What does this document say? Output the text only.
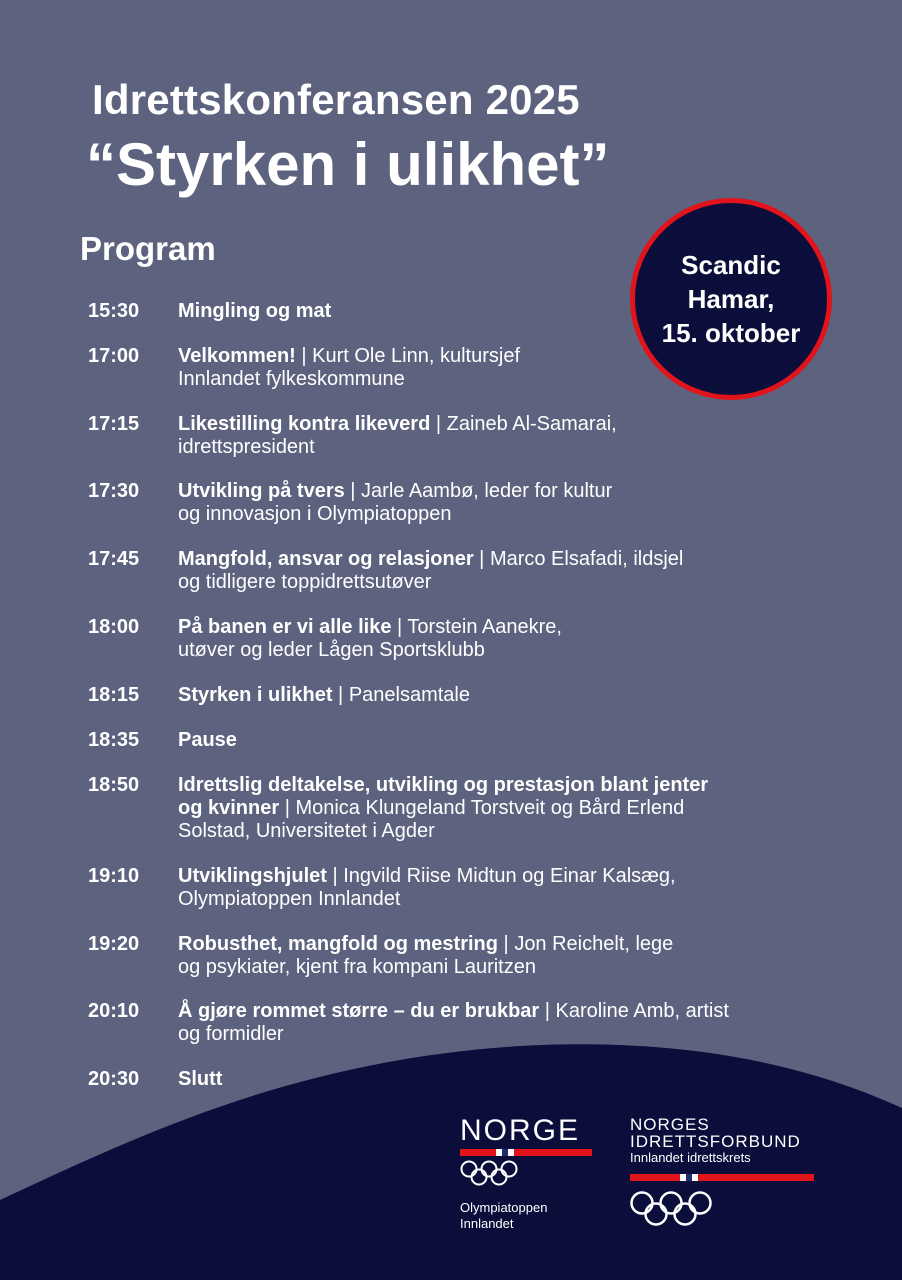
Idrettskonferansen 2025
“Styrken i ulikhet”
Program	Scandic
Hamar,
15. oktober
15:30 Mingling og mat
17:00 Velkommen! | Kurt Ole Linn, kultursjef Innlandet fylkeskommune
17:15 Likestilling kontra likeverd | Zaineb Al-Samarai, idrettspresident
17:30 Utvikling på tvers | Jarle Aambø, leder for kultur og innovasjon i Olympiatoppen
17:45 Mangfold, ansvar og relasjoner | Marco Elsafadi, ildsjel og tidligere toppidrettsutøver
18:00 På banen er vi alle like | Torstein Aanekre, utøver og leder Lågen Sportsklubb
18:15 Styrken i ulikhet | Panelsamtale
18:35 Pause
18:50 Idrettslig deltakelse, utvikling og prestasjon blant jenter og kvinner | Monica Klungeland Torstveit og Bård Erlend Solstad, Universitetet i Agder
19:10 Utviklingshjulet | Ingvild Riise Midtun og Einar Kalsæg, Olympiatoppen Innlandet
19:20 Robusthet, mangfold og mestring | Jon Reichelt, lege og psykiater, kjent fra kompani Lauritzen
20:10 Å gjøre rommet større – du er brukbar | Karoline Amb, artist og formidler
20:30 Slutt
NORGE
Olympiatoppen
Innlandet
NORGES
IDRETTSFORBUND
Innlandet idrettskrets
